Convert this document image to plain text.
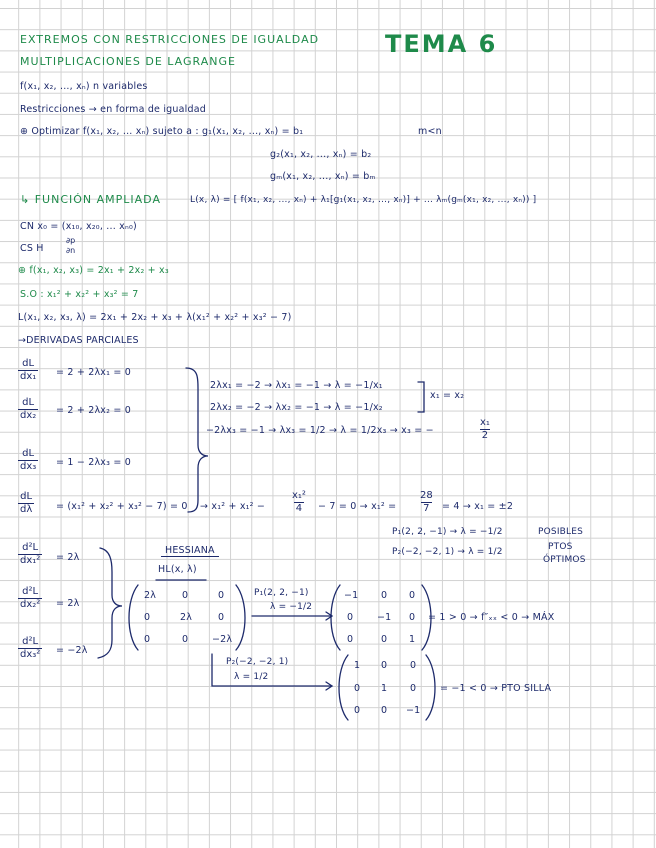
EXTREMOS CON RESTRICCIONES DE IGUALDAD
MULTIPLICACIONES DE LAGRANGE
TEMA 6
f(x₁, x₂, ..., xₙ) n variables
Restricciones → en forma de igualdad
⊕ Optimizar f(x₁, x₂, ... xₙ) sujeto a : g₁(x₁, x₂, ..., xₙ) = b₁	m<n
g₂(x₁, x₂, ..., xₙ) = b₂
gₘ(x₁, x₂, ..., xₙ) = bₘ
↳ FUNCIÓN AMPLIADA	L(x, λ) = [ f(x₁, x₂, ..., xₙ) + λ₁[g₁(x₁, x₂, ..., xₙ)] + ... λₘ(gₘ(x₁, x₂, ..., xₙ)) ]
CN x₀ = (x₁₀, x₂₀, ... xₙ₀)
CS H
∂p
∂n
⊕ f(x₁, x₂, x₃) = 2x₁ + 2x₂ + x₃
S.O : x₁² + x₂² + x₃² = 7
L(x₁, x₂, x₃, λ) = 2x₁ + 2x₂ + x₃ + λ(x₁² + x₂² + x₃² − 7)
→DERIVADAS PARCIALES
$\frac{dL}{\text{dx₁}} = 2 + 2\lambda x_1 = 0$
$\frac{dL}{\text{dx₂}} = 2 + 2\lambda x_2 = 0$
$\frac{dL}{\text{dx₃}} = 1 - 2\lambda x_3 = 0$
$\frac{dL}{d\lambda} = (x_1^2 + x_2^2 + x_3^2 - 7) = 0$
2λx₁ = −2 → λx₁ = −1 → λ = −1/x₁
2λx₂ = −2 → λx₂ = −1 → λ = −1/x₂
x₁ = x₂
−2λx₃ = −1 → λx₃ = 1/2 → λ = 1/2x₃ → x₃ = −	$\frac{\text{x₁}}{2}$
→ $x_1^2 + x_1^2 - \frac{\text{x₁²}}{4} - 7 = 0 \to x_1^2 = \frac{28}{7} = 4 \to x_1 = \pm 2$
P₁(2, 2, −1) → λ = −1/2
P₂(−2, −2, 1) → λ = 1/2
POSIBLES
PTOS
ÓPTIMOS
$\frac{\text{d²L}}{\text{dx₁²}} = 2\lambda$
$\frac{\text{d²L}}{\text{dx₂²}} = 2\lambda$
$\frac{\text{d²L}}{\text{dx₃²}} = -2\lambda$
HESSIANA
HL(x, λ)
2λ	0	0
0	2λ	0
0	0	−2λ
P₁(2, 2, −1)
λ = −1/2
−1 0 0
0	−1 0
0	0 1
= 1 > 0 → f″ₓₓ < 0 → MÁX
P₂(−2, −2, 1)
λ = 1/2
1 0 0
0 1 0
0 0 −1
= −1 < 0 → PTO SILLA
